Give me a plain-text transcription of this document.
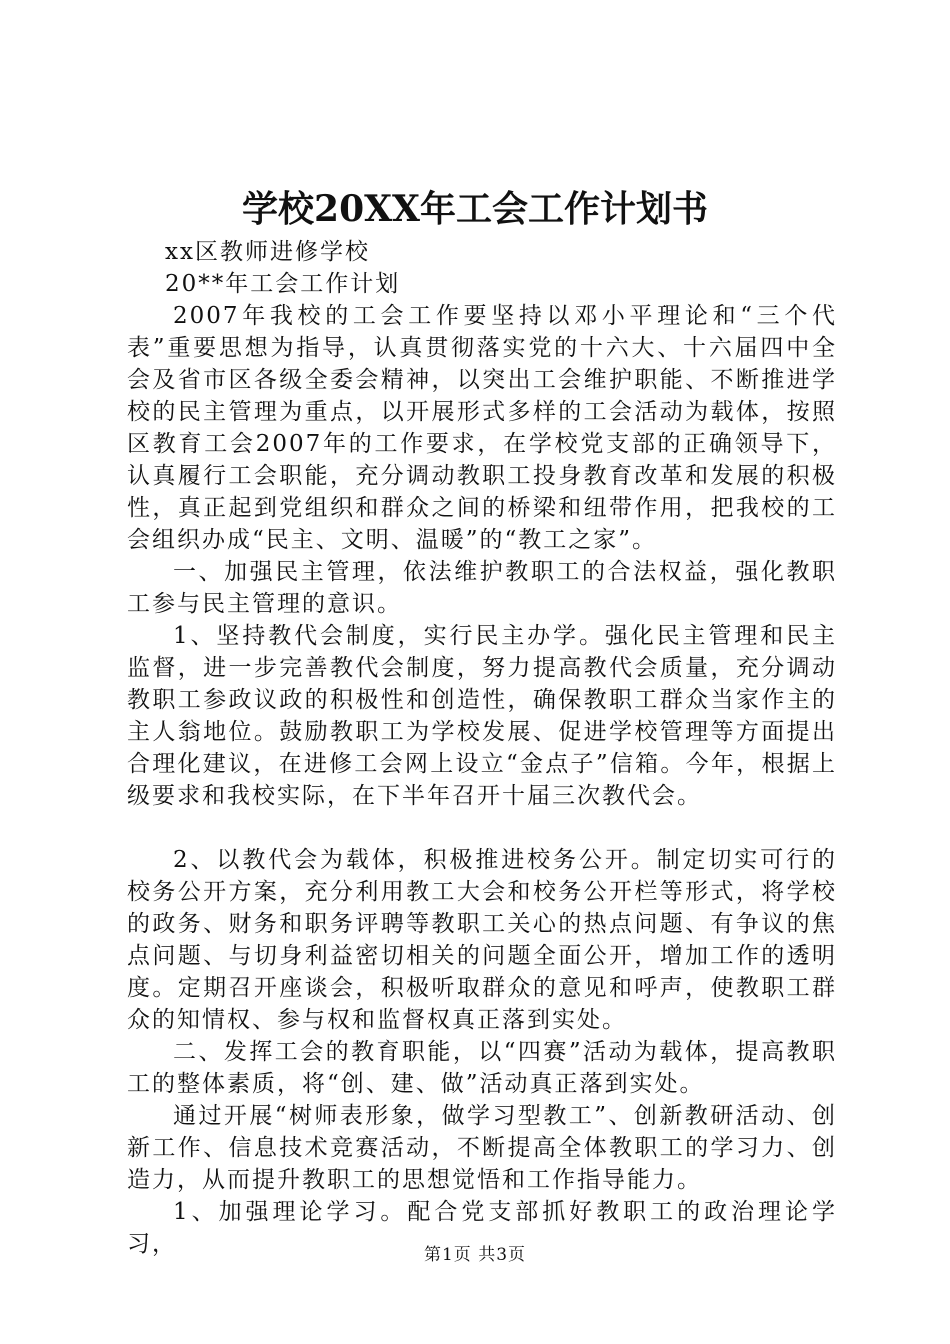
学校20XX年工会工作计划书

xx区教师进修学校

20**年工会工作计划

2007年我校的工会工作要坚持以邓小平理论和“三个代表”重要思想为指导，认真贯彻落实党的十六大、十六届四中全会及省市区各级全委会精神，以突出工会维护职能、不断推进学校的民主管理为重点，以开展形式多样的工会活动为载体，按照区教育工会2007年的工作要求，在学校党支部的正确领导下，认真履行工会职能，充分调动教职工投身教育改革和发展的积极性，真正起到党组织和群众之间的桥梁和纽带作用，把我校的工会组织办成“民主、文明、温暖”的“教工之家”。

一、加强民主管理，依法维护教职工的合法权益，强化教职工参与民主管理的意识。

1、坚持教代会制度，实行民主办学。强化民主管理和民主监督，进一步完善教代会制度，努力提高教代会质量，充分调动教职工参政议政的积极性和创造性，确保教职工群众当家作主的主人翁地位。鼓励教职工为学校发展、促进学校管理等方面提出合理化建议，在进修工会网上设立“金点子”信箱。今年，根据上级要求和我校实际，在下半年召开十届三次教代会。

2、以教代会为载体，积极推进校务公开。制定切实可行的校务公开方案，充分利用教工大会和校务公开栏等形式，将学校的政务、财务和职务评聘等教职工关心的热点问题、有争议的焦点问题、与切身利益密切相关的问题全面公开，增加工作的透明度。定期召开座谈会，积极听取群众的意见和呼声，使教职工群众的知情权、参与权和监督权真正落到实处。

二、发挥工会的教育职能，以“四赛”活动为载体，提高教职工的整体素质，将“创、建、做”活动真正落到实处。

通过开展“树师表形象，做学习型教工”、创新教研活动、创新工作、信息技术竞赛活动，不断提高全体教职工的学习力、创造力，从而提升教职工的思想觉悟和工作指导能力。

1、加强理论学习。配合党支部抓好教职工的政治理论学习，	第1页 共3页
